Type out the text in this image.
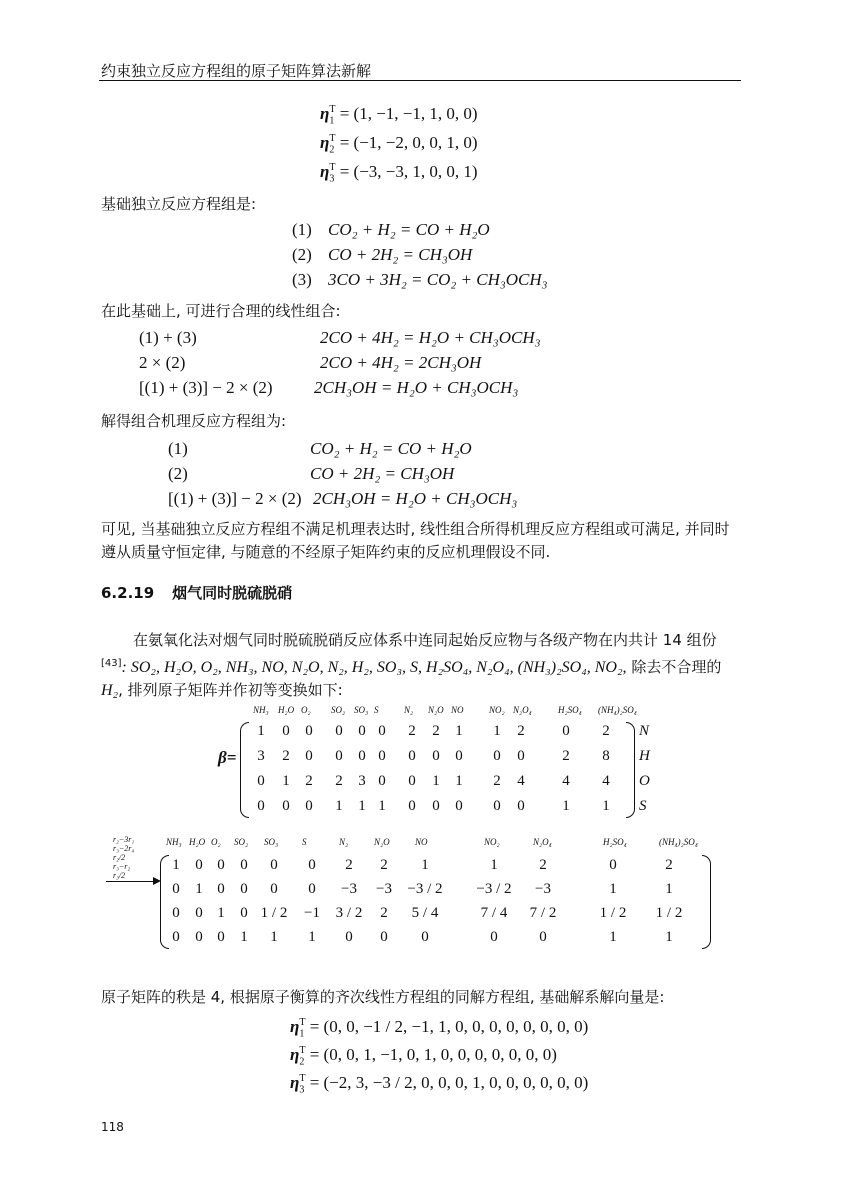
约束独立反应方程组的原子矩阵算法新解
$\eta_1^T = (1$, −1, −1, 1, 0, 0)
$\eta_2^T = (-1$, −2, 0, 0, 1, 0)
$\eta_3^T = (-3$, −3, 1, 0, 0, 1)
基础独立反应方程组是:
(1) CO₂ + H₂ = CO + H₂O
(2) CO + 2H₂ = CH₃OH
(3) 3CO + 3H₂ = CO₂ + CH₃OCH₃
在此基础上, 可进行合理的线性组合:
(1) + (3)	2CO + 4H₂ = H₂O + CH₃OCH₃
2 × (2)	2CO + 4H₂ = 2CH₃OH
[(1) + (3)] − 2 × (2) 2CH₃OH = H₂O + CH₃OCH₃
解得组合机理反应方程组为:
(1)	CO₂ + H₂ = CO + H₂O
(2)	CO + 2H₂ = CH₃OH
[(1) + (3)] − 2 × (2) 2CH₃OH = H₂O + CH₃OCH₃
可见, 当基础独立反应方程组不满足机理表达时, 线性组合所得机理反应方程组或可满足, 并同时遵从质量守恒定律, 与随意的不经原子矩阵约束的反应机理假设不同.
6.2.19 烟气同时脱硫脱硝
在氨氧化法对烟气同时脱硫脱硝反应体系中连同起始反应物与各级产物在内共计 14 组份[43]: SO₂, H₂O, O₂, NH₃, NO, N₂O, N₂, H₂, SO₃, S, H₂SO₄, N₂O₄, (NH₃)₂SO₄, NO₂, 除去不合理的 H₂, 排列原子矩阵并作初等变换如下:
NH₃ H₂O O₂ SO₂ SO₃ S	N₂ N₂O NO	NO₂ N₂O₄	H₂SO₄ (NH₄)₂SO₄
β=
1	0	0	0	0 0	2	2	1	1	2	0	2
3	2	0	0	0 0	0	0	0	0	0	2	8
0	1	2	2	3 0	0	1	1	2	4	4	4
0	0	0	1	1 1	0	0	0	0	0	1	1
N
H
O
S
r₂−3r₁
r₃−2r₄
r₂/2
r₃−r₂
r₃/2
NH₃ H₂O O₂ SO₂ SO₃	S	N₂	N₂O	NO	NO₂	N₂O₄	H₂SO₄	(NH₄)₂SO₄
1	0 0	0	0	0	2	2	1	1	2	0	2
0	1 0	0	0	0	−3	−3	−3 / 2	−3 / 2	−3	1	1
0	0 1	0 1 / 2	−1	3 / 2	2	5 / 4	7 / 4	7 / 2	1 / 2	1 / 2
0	0 0	1	1	1	0	0	0	0	0	1	1
原子矩阵的秩是 4, 根据原子衡算的齐次线性方程组的同解方程组, 基础解系解向量是:
$\eta_1^T = (0$, 0, −1 / 2, −1, 1, 0, 0, 0, 0, 0, 0, 0, 0)
$\eta_2^T = (0$, 0, 1, −1, 0, 1, 0, 0, 0, 0, 0, 0, 0)
$\eta_3^T = (-2$, 3, −3 / 2, 0, 0, 0, 1, 0, 0, 0, 0, 0, 0)
118
